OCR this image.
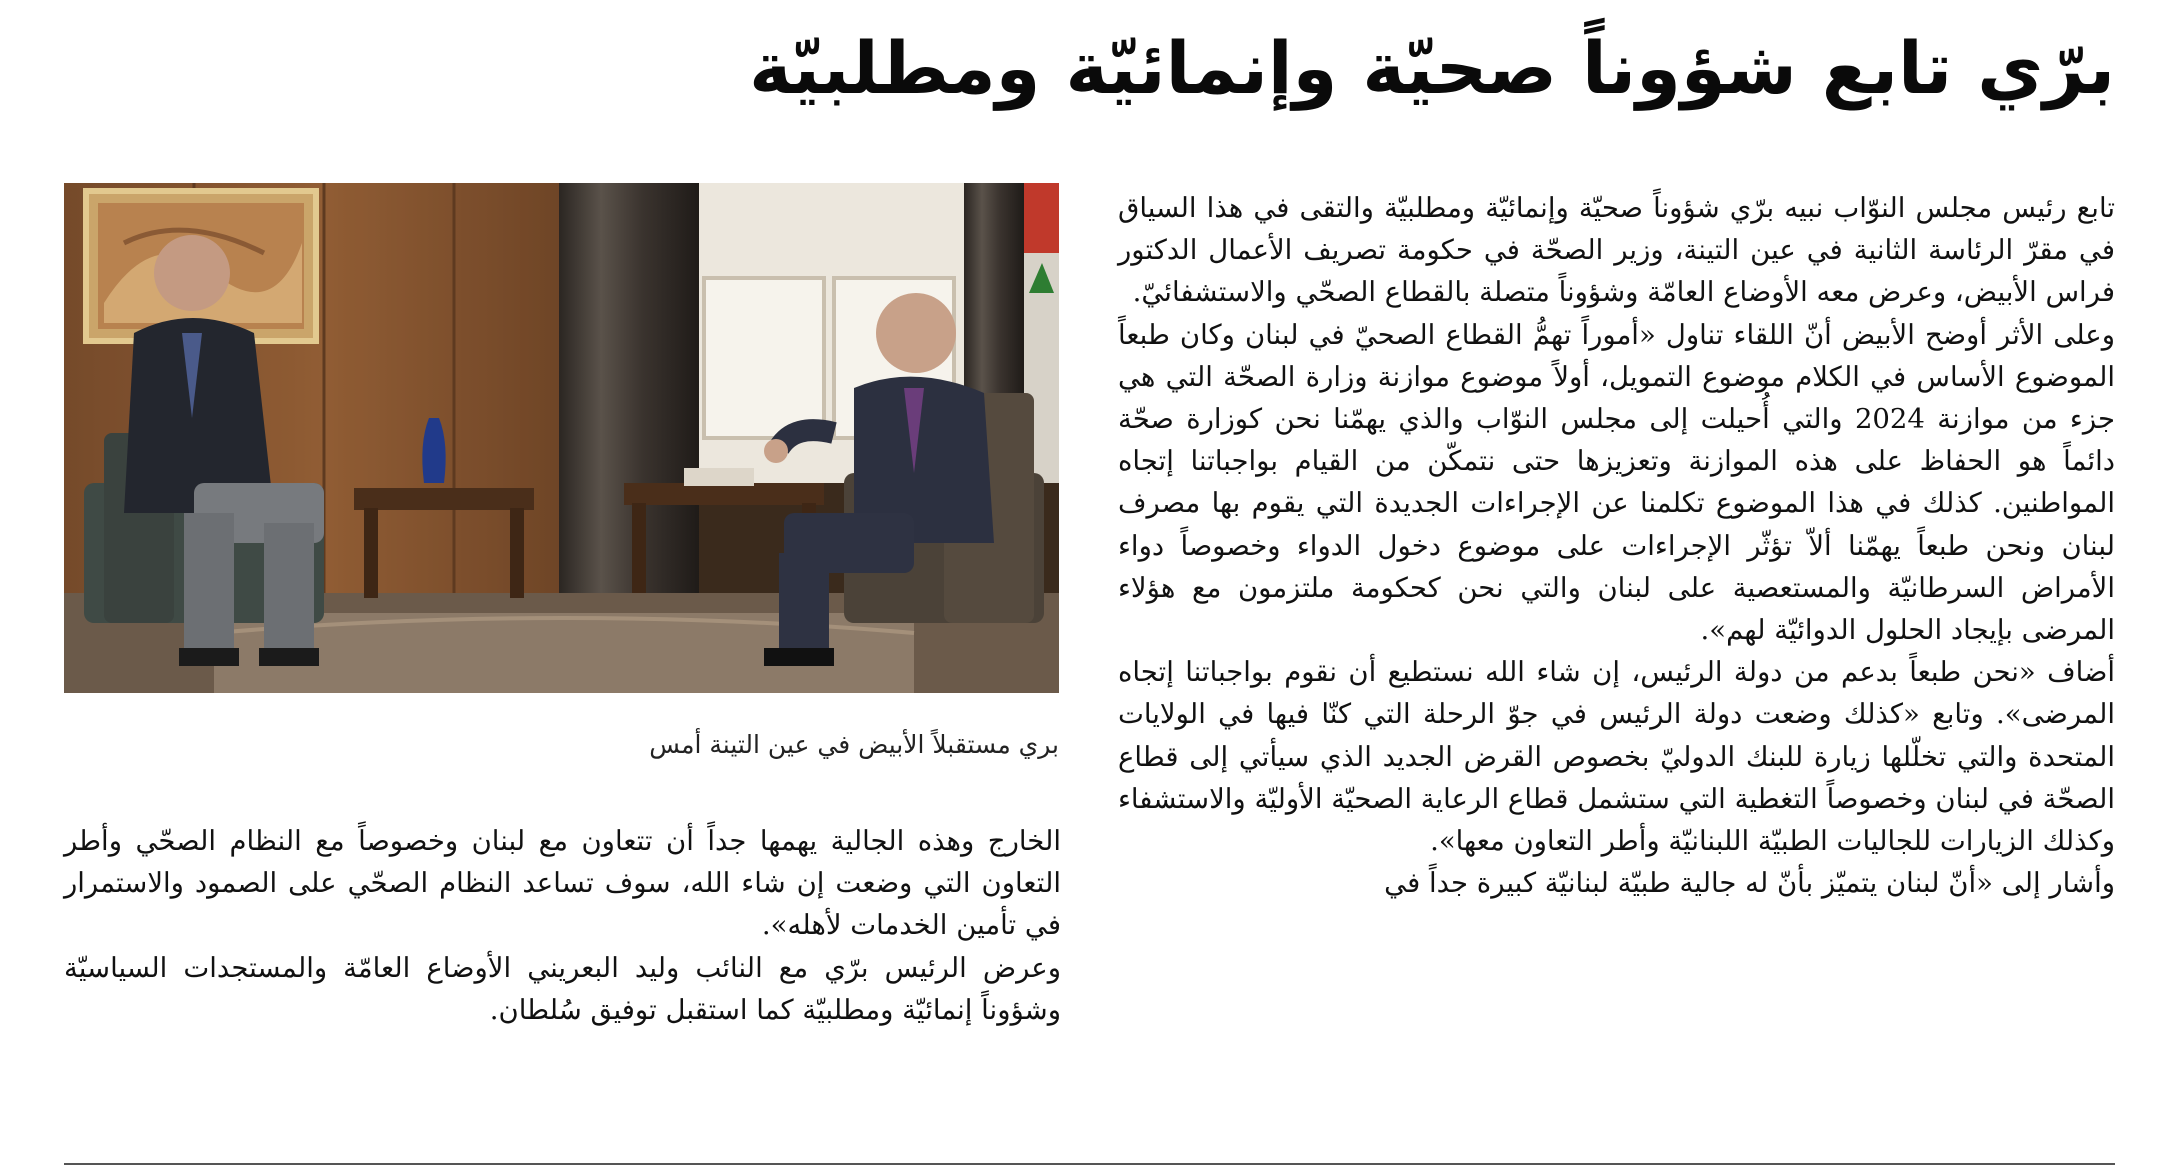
برّي تابع شؤوناً صحيّة وإنمائيّة ومطلبيّة

تابع رئيس مجلس النوّاب نبيه برّي شؤوناً صحيّة وإنمائيّة ومطلبيّة والتقى في هذا السياق في مقرّ الرئاسة الثانية في عين التينة، وزير الصحّة في حكومة تصريف الأعمال الدكتور فراس الأبيض، وعرض معه الأوضاع العامّة وشؤوناً متصلة بالقطاع الصحّي والاستشفائيّ.

وعلى الأثر أوضح الأبيض أنّ اللقاء تناول «أموراً تهمُّ القطاع الصحيّ في لبنان وكان طبعاً الموضوع الأساس في الكلام موضوع التمويل، أولاً موضوع موازنة وزارة الصحّة التي هي جزء من موازنة 2024 والتي أُحيلت إلى مجلس النوّاب والذي يهمّنا نحن كوزارة صحّة دائماً هو الحفاظ على هذه الموازنة وتعزيزها حتى نتمكّن من القيام بواجباتنا إتجاه المواطنين. كذلك في هذا الموضوع تكلمنا عن الإجراءات الجديدة التي يقوم بها مصرف لبنان ونحن طبعاً يهمّنا ألاّ تؤثّر الإجراءات على موضوع دخول الدواء وخصوصاً دواء الأمراض السرطانيّة والمستعصية على لبنان والتي نحن كحكومة ملتزمون مع هؤلاء المرضى بإيجاد الحلول الدوائيّة لهم».

أضاف «نحن طبعاً بدعم من دولة الرئيس، إن شاء الله نستطيع أن نقوم بواجباتنا إتجاه المرضى». وتابع «كذلك وضعت دولة الرئيس في جوّ الرحلة التي كنّا فيها في الولايات المتحدة والتي تخلّلها زيارة للبنك الدوليّ بخصوص القرض الجديد الذي سيأتي إلى قطاع الصحّة في لبنان وخصوصاً التغطية التي ستشمل قطاع الرعاية الصحيّة الأوليّة والاستشفاء وكذلك الزيارات للجاليات الطبيّة اللبنانيّة وأطر التعاون معها».

وأشار إلى «أنّ لبنان يتميّز بأنّ له جالية طبيّة لبنانيّة كبيرة جداً في

بري مستقبلاً الأبيض في عين التينة أمس

الخارج وهذه الجالية يهمها جداً أن تتعاون مع لبنان وخصوصاً مع النظام الصحّي وأطر التعاون التي وضعت إن شاء الله، سوف تساعد النظام الصحّي على الصمود والاستمرار في تأمين الخدمات لأهله».

وعرض الرئيس برّي مع النائب وليد البعريني الأوضاع العامّة والمستجدات السياسيّة وشؤوناً إنمائيّة ومطلبيّة كما استقبل توفيق سُلطان.
